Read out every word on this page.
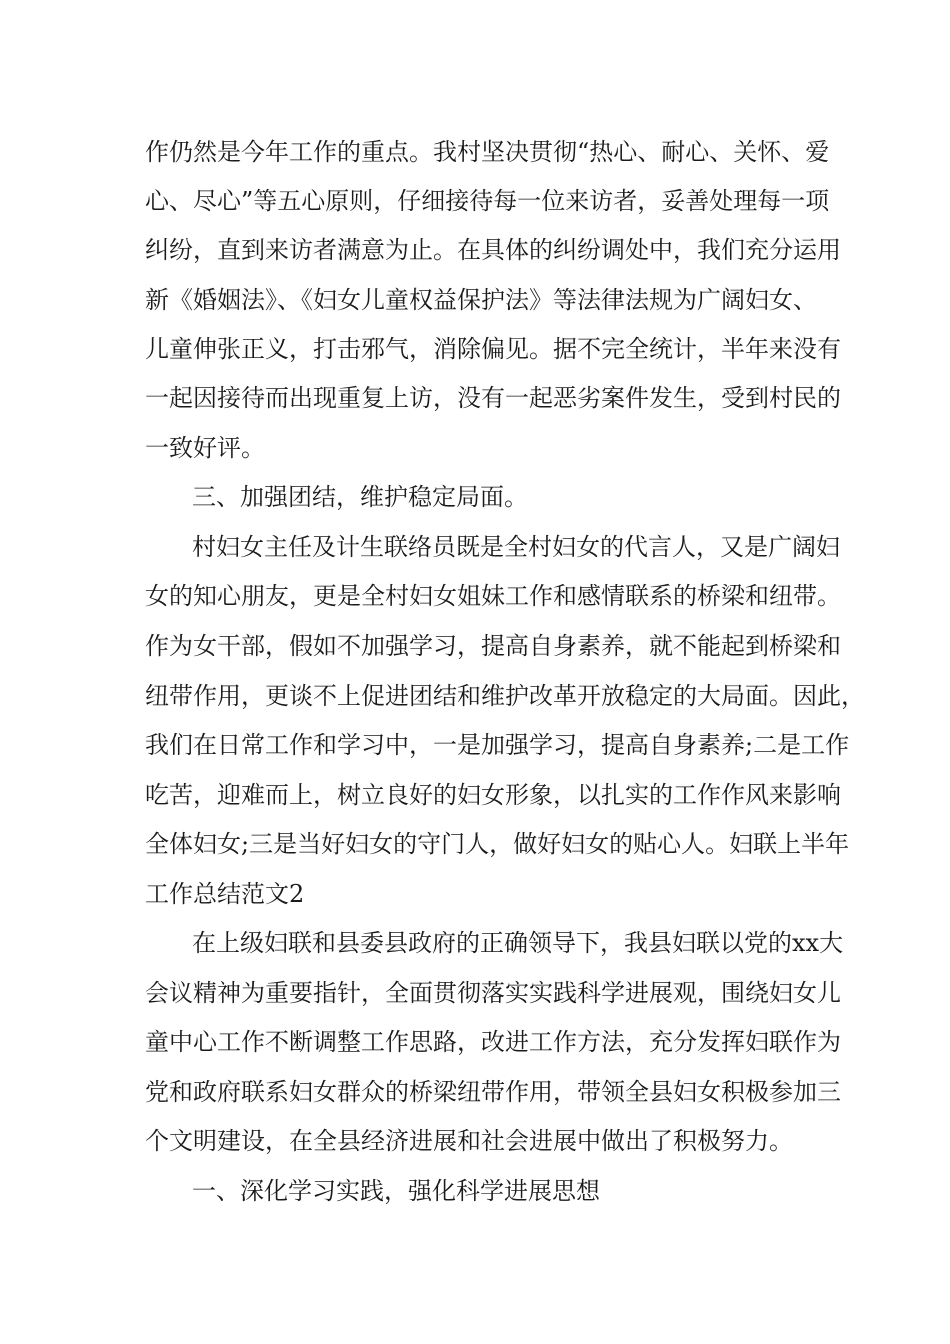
作仍然是今年工作的重点。我村坚决贯彻“热心、耐心、关怀、爱
心、尽心”等五心原则，仔细接待每一位来访者，妥善处理每一项
纠纷，直到来访者满意为止。在具体的纠纷调处中，我们充分运用
新《婚姻法》、《妇女儿童权益保护法》等法律法规为广阔妇女、
儿童伸张正义，打击邪气，消除偏见。据不完全统计，半年来没有
一起因接待而出现重复上访，没有一起恶劣案件发生，受到村民的
一致好评。
三、加强团结，维护稳定局面。
村妇女主任及计生联络员既是全村妇女的代言人，又是广阔妇
女的知心朋友，更是全村妇女姐妹工作和感情联系的桥梁和纽带。
作为女干部，假如不加强学习，提高自身素养，就不能起到桥梁和
纽带作用，更谈不上促进团结和维护改革开放稳定的大局面。因此，
我们在日常工作和学习中，一是加强学习，提高自身素养;二是工作
吃苦，迎难而上，树立良好的妇女形象，以扎实的工作作风来影响
全体妇女;三是当好妇女的守门人，做好妇女的贴心人。妇联上半年
工作总结范文2
在上级妇联和县委县政府的正确领导下，我县妇联以党的xx大
会议精神为重要指针，全面贯彻落实实践科学进展观，围绕妇女儿
童中心工作不断调整工作思路，改进工作方法，充分发挥妇联作为
党和政府联系妇女群众的桥梁纽带作用，带领全县妇女积极参加三
个文明建设，在全县经济进展和社会进展中做出了积极努力。
一、深化学习实践，强化科学进展思想
